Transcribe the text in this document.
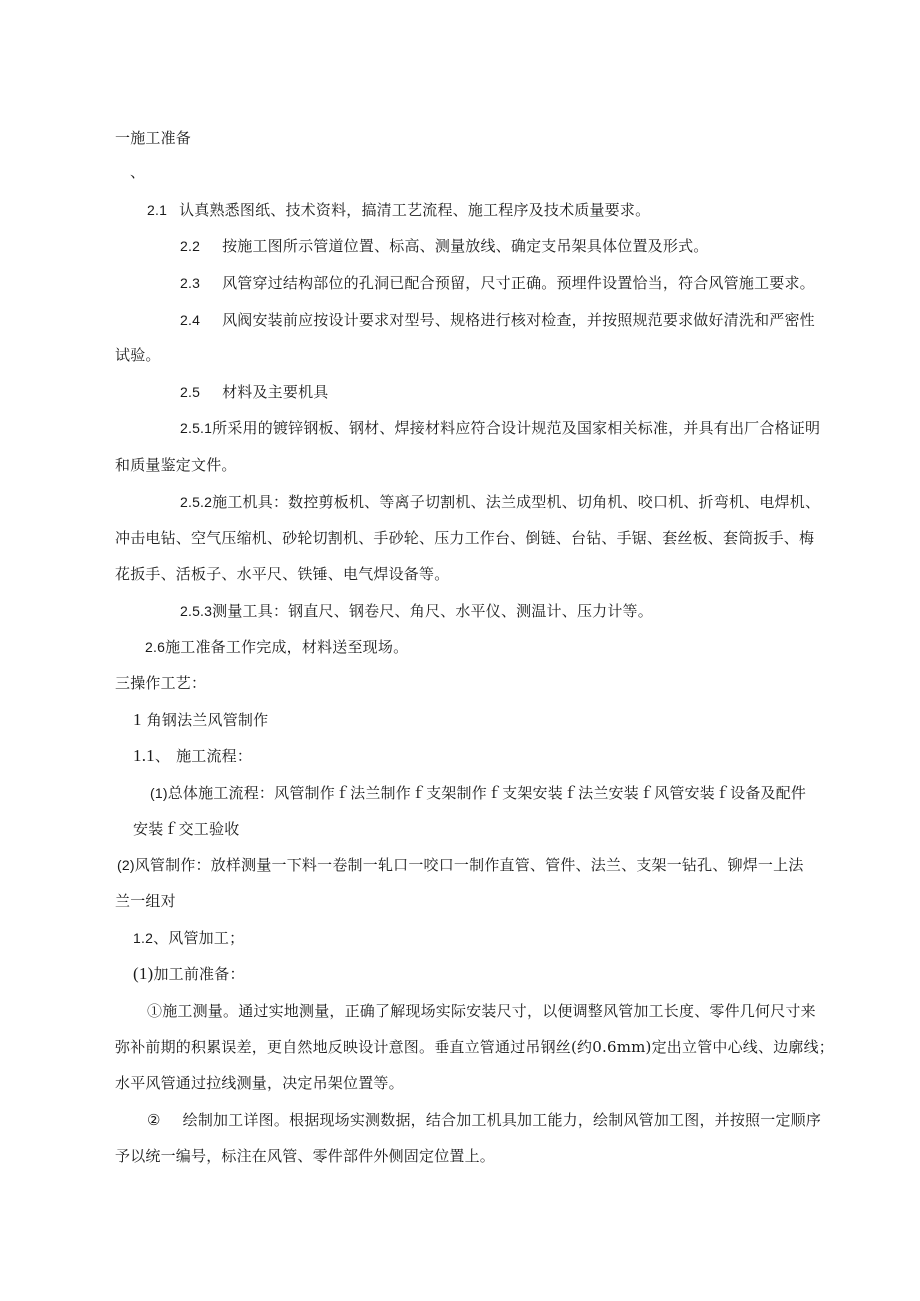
一施工准备
、
2.1 认真熟悉图纸、技术资料，搞清工艺流程、施工程序及技术质量要求。
2.2 按施工图所示管道位置、标高、测量放线、确定支吊架具体位置及形式。
2.3 风管穿过结构部位的孔洞已配合预留，尺寸正确。预埋件设置恰当，符合风管施工要求。
2.4 风阀安装前应按设计要求对型号、规格进行核对检查，并按照规范要求做好清洗和严密性
试验。
2.5 材料及主要机具
2.5.1所采用的镀锌钢板、钢材、焊接材料应符合设计规范及国家相关标准，并具有出厂合格证明
和质量鉴定文件。
2.5.2施工机具：数控剪板机、等离子切割机、法兰成型机、切角机、咬口机、折弯机、电焊机、
冲击电钻、空气压缩机、砂轮切割机、手砂轮、压力工作台、倒链、台钻、手锯、套丝板、套筒扳手、梅
花扳手、活板子、水平尺、铁锤、电气焊设备等。
2.5.3测量工具：钢直尺、钢卷尺、角尺、水平仪、测温计、压力计等。
2.6施工准备工作完成，材料送至现场。
三操作工艺：
1 角钢法兰风管制作
1.1、 施工流程：
(1)总体施工流程：风管制作ｆ法兰制作ｆ支架制作ｆ支架安装ｆ法兰安装ｆ风管安装ｆ设备及配件
安装ｆ交工验收
(2)风管制作：放样测量一下料一卷制一轧口一咬口一制作直管、管件、法兰、支架一钻孔、铆焊一上法
兰一组对
1.2、风管加工；
(1)加工前准备：
①施工测量。通过实地测量，正确了解现场实际安装尺寸，以便调整风管加工长度、零件几何尺寸来
弥补前期的积累误差，更自然地反映设计意图。垂直立管通过吊钢丝(约0.6mm)定出立管中心线、边廓线；
水平风管通过拉线测量，决定吊架位置等。
② 绘制加工详图。根据现场实测数据，结合加工机具加工能力，绘制风管加工图，并按照一定顺序
予以统一编号，标注在风管、零件部件外侧固定位置上。
